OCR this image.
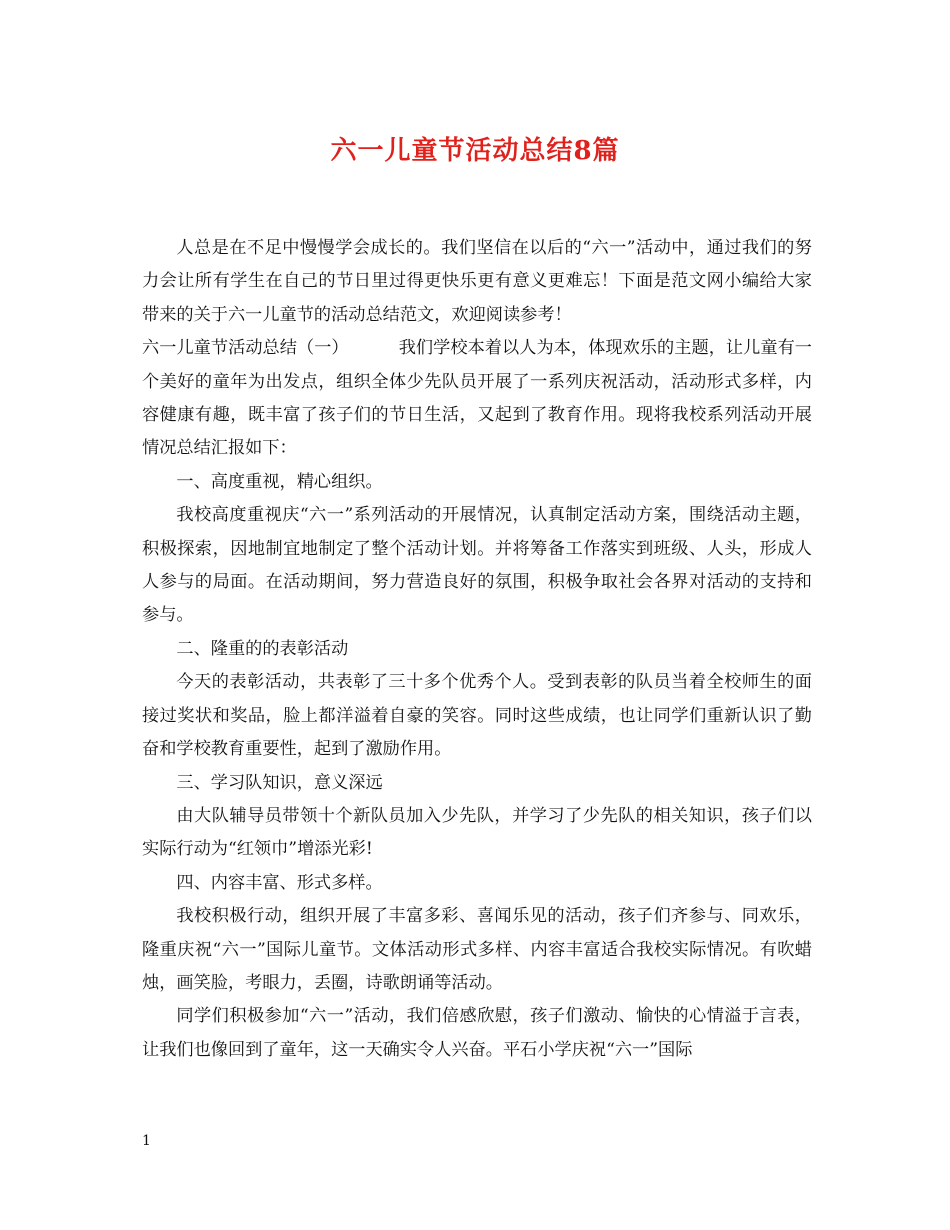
六一儿童节活动总结8篇

人总是在不足中慢慢学会成长的。我们坚信在以后的“六一”活动中，通过我们的努力会让所有学生在自己的节日里过得更快乐更有意义更难忘！下面是范文网小编给大家带来的关于六一儿童节的活动总结范文，欢迎阅读参考！

六一儿童节活动总结（一）	我们学校本着以人为本，体现欢乐的主题，让儿童有一个美好的童年为出发点，组织全体少先队员开展了一系列庆祝活动，活动形式多样，内容健康有趣，既丰富了孩子们的节日生活，又起到了教育作用。现将我校系列活动开展情况总结汇报如下：

一、高度重视，精心组织。

我校高度重视庆“六一”系列活动的开展情况，认真制定活动方案，围绕活动主题，积极探索，因地制宜地制定了整个活动计划。并将筹备工作落实到班级、人头，形成人人参与的局面。在活动期间，努力营造良好的氛围，积极争取社会各界对活动的支持和参与。

二、隆重的的表彰活动

今天的表彰活动，共表彰了三十多个优秀个人。受到表彰的队员当着全校师生的面接过奖状和奖品，脸上都洋溢着自豪的笑容。同时这些成绩，也让同学们重新认识了勤奋和学校教育重要性，起到了激励作用。

三、学习队知识，意义深远

由大队辅导员带领十个新队员加入少先队，并学习了少先队的相关知识，孩子们以实际行动为“红领巾”增添光彩!

四、内容丰富、形式多样。

我校积极行动，组织开展了丰富多彩、喜闻乐见的活动，孩子们齐参与、同欢乐，隆重庆祝“六一”国际儿童节。文体活动形式多样、内容丰富适合我校实际情况。有吹蜡烛，画笑脸，考眼力，丢圈，诗歌朗诵等活动。

同学们积极参加“六一”活动，我们倍感欣慰，孩子们激动、愉快的心情溢于言表，让我们也像回到了童年，这一天确实令人兴奋。平石小学庆祝“六一”国际

1
